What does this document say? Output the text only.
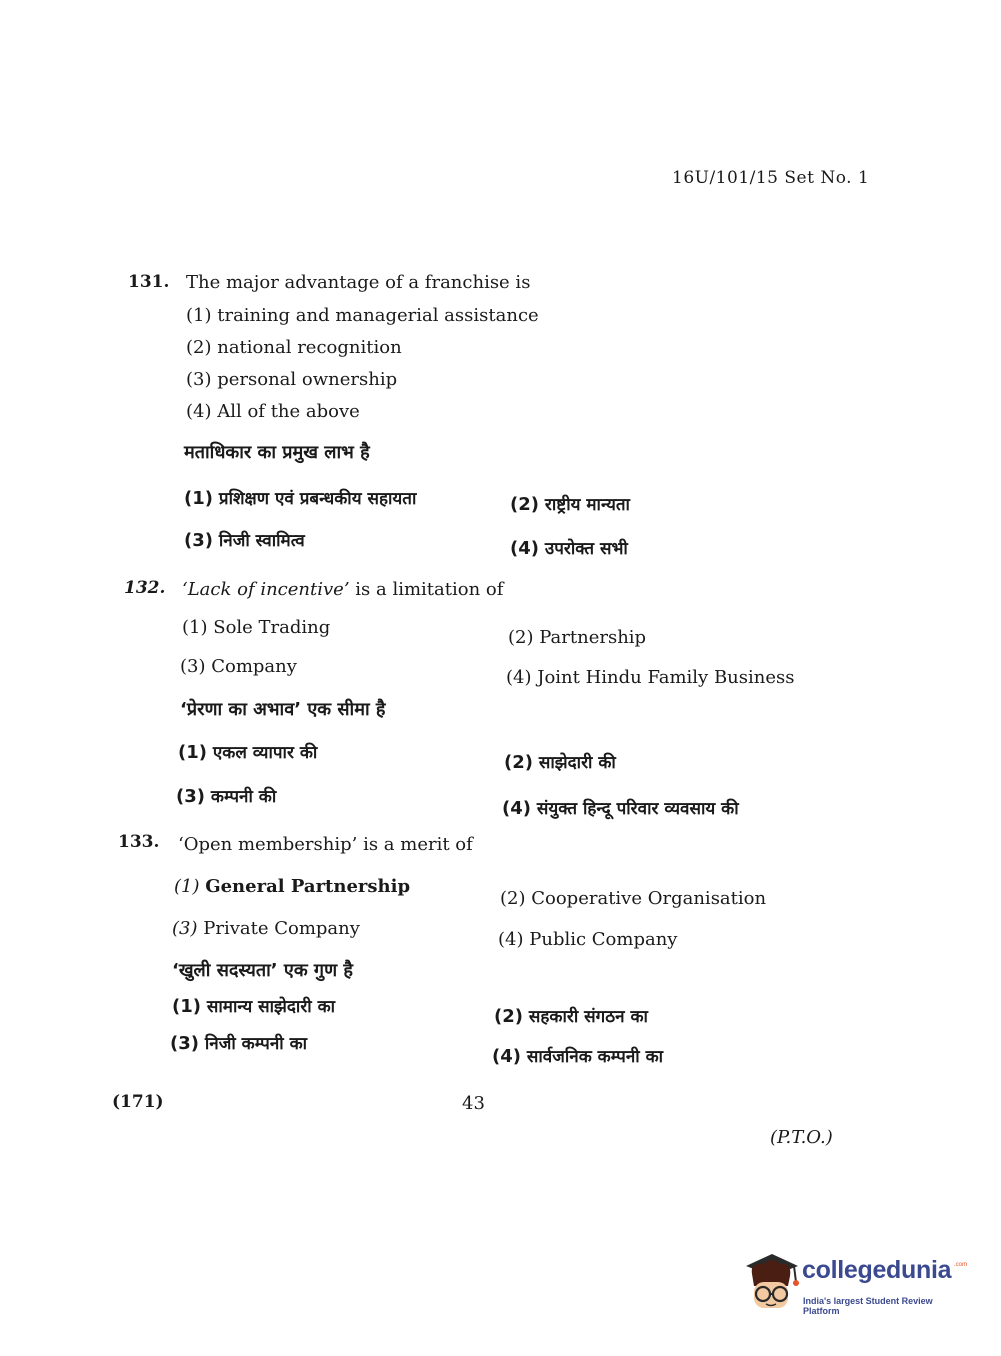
16U/101/15 Set No. 1
131. The major advantage of a franchise is
(1) training and managerial assistance
(2) national recognition
(3) personal ownership
(4) All of the above
मताधिकार का प्रमुख लाभ है
(1) प्रशिक्षण एवं प्रबन्धकीय सहायता	(2) राष्ट्रीय मान्यता
(3) निजी स्वामित्व	(4) उपरोक्त सभी
132. ‘Lack of incentive’ is a limitation of
(1) Sole Trading	(2) Partnership
(3) Company
(4) Joint Hindu Family Business
‘प्रेरणा का अभाव’ एक सीमा है
(1) एकल व्यापार की	(2) साझेदारी की
(3) कम्पनी की
(4) संयुक्त हिन्दू परिवार व्यवसाय की
133. ‘Open membership’ is a merit of
(1) General Partnership
(2) Cooperative Organisation
(3) Private Company
(4) Public Company
‘खुली सदस्यता’ एक गुण है
(1) सामान्य साझेदारी का	(2) सहकारी संगठन का
(3) निजी कम्पनी का
(4) सार्वजनिक कम्पनी का
(171)	43
(P.T.O.)
collegedunia .com
India's largest Student Review Platform
